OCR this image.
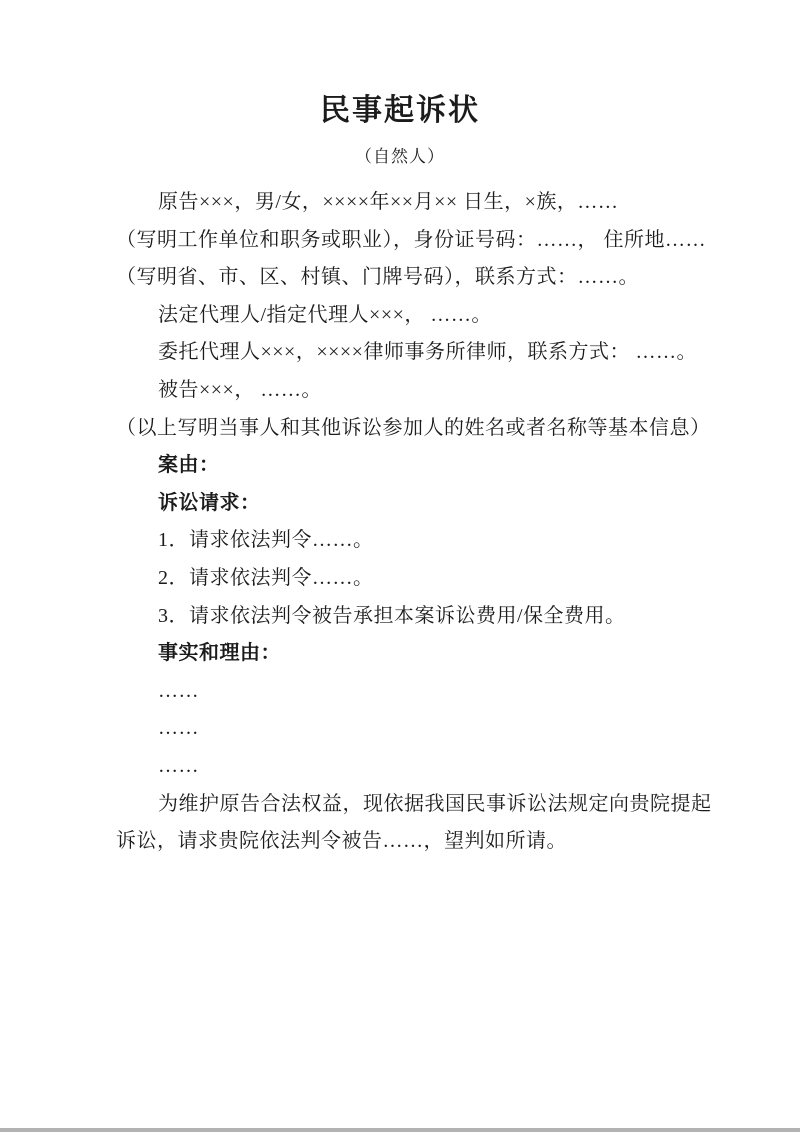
民事起诉状
（自然人）
原告×××，男/女，××××年××月×× 日生，×族，……
（写明工作单位和职务或职业），身份证号码：……， 住所地……
（写明省、市、区、村镇、门牌号码），联系方式：……。
法定代理人/指定代理人×××， ……。
委托代理人×××，××××律师事务所律师，联系方式： ……。
被告×××， ……。
（以上写明当事人和其他诉讼参加人的姓名或者名称等基本信息）
案由：
诉讼请求：
1．请求依法判令……。
2．请求依法判令……。
3．请求依法判令被告承担本案诉讼费用/保全费用。
事实和理由：
……
……
……
为维护原告合法权益，现依据我国民事诉讼法规定向贵院提起
诉讼，请求贵院依法判令被告……，望判如所请。
